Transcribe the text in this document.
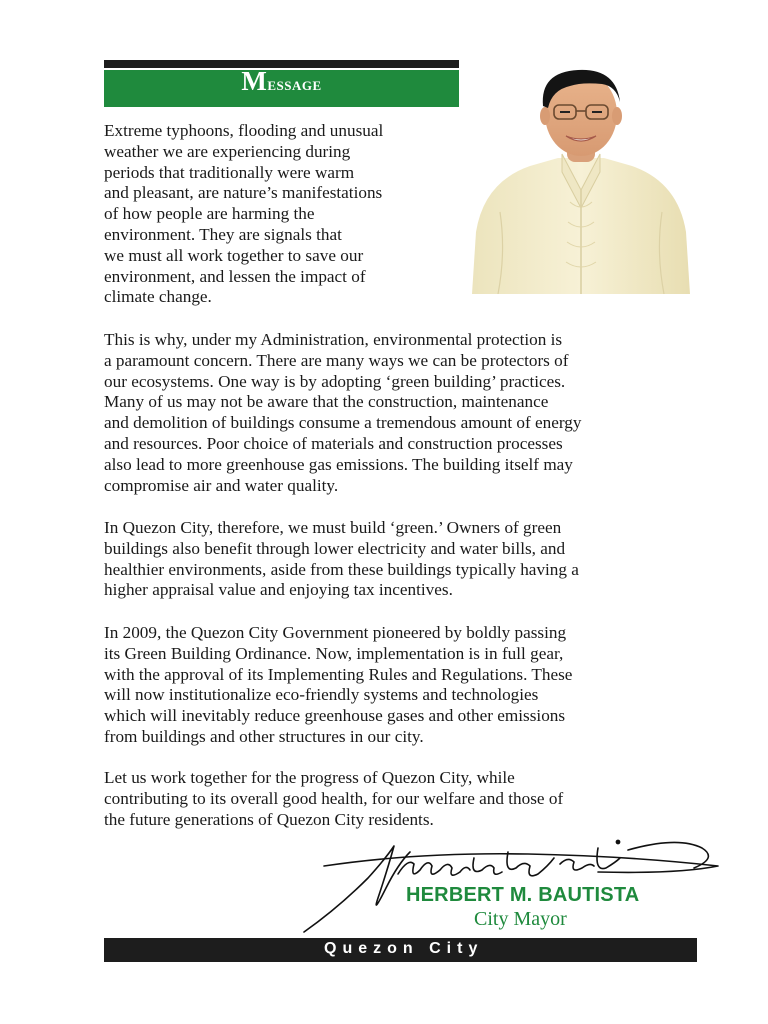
Message
Extreme typhoons, flooding and unusual
weather we are experiencing during
periods that traditionally were warm
and pleasant, are nature’s manifestations
of how people are harming the
environment. They are signals that
we must all work together to save our
environment, and lessen the impact of
climate change.
This is why, under my Administration, environmental protection is
a paramount concern. There are many ways we can be protectors of
our ecosystems. One way is by adopting ‘green building’ practices.
Many of us may not be aware that the construction, maintenance
and demolition of buildings consume a tremendous amount of energy
and resources. Poor choice of materials and construction processes
also lead to more greenhouse gas emissions. The building itself may
compromise air and water quality.
In Quezon City, therefore, we must build ‘green.’ Owners of green
buildings also benefit through lower electricity and water bills, and
healthier environments, aside from these buildings typically having a
higher appraisal value and enjoying tax incentives.
In 2009, the Quezon City Government pioneered by boldly passing
its Green Building Ordinance. Now, implementation is in full gear,
with the approval of its Implementing Rules and Regulations. These
will now institutionalize eco-friendly systems and technologies
which will inevitably reduce greenhouse gases and other emissions
from buildings and other structures in our city.
Let us work together for the progress of Quezon City, while
contributing to its overall good health, for our welfare and those of
the future generations of Quezon City residents.
HERBERT M. BAUTISTA
City Mayor
Quezon City
